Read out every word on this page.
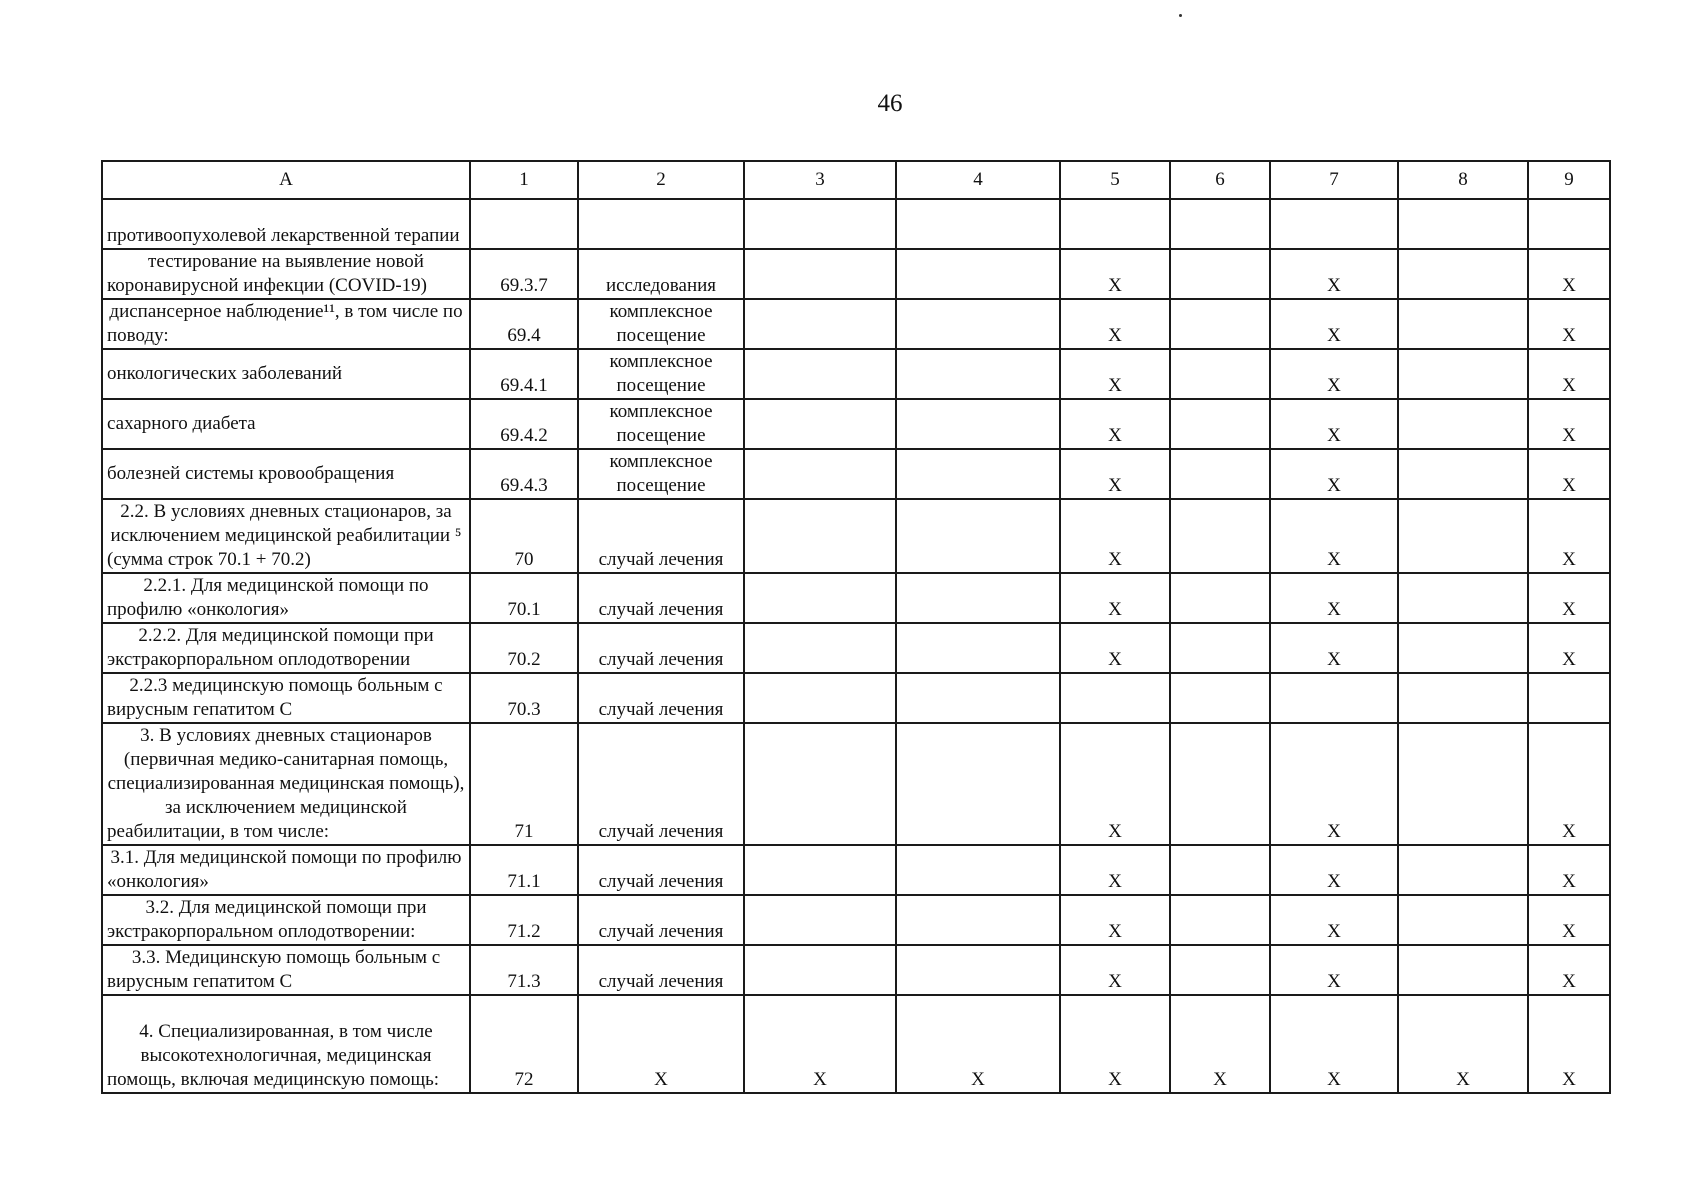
46
А	1	2	3	4	5	6	7	8	9
противоопухолевой лекарственной терапии									
тестирование на выявление новой коронавирусной инфекции (COVID-19)	69.3.7	исследования			X		X		X
диспансерное наблюдение¹¹, в том числе по поводу:	69.4	комплексное посещение			X		X		X
онкологических заболеваний	69.4.1	комплексное посещение			X		X		X
сахарного диабета	69.4.2	комплексное посещение			X		X		X
болезней системы кровообращения	69.4.3	комплексное посещение			X		X		X
2.2. В условиях дневных стационаров, за исключением медицинской реабилитации ⁵ (сумма строк 70.1 + 70.2)	70	случай лечения			X		X		X
2.2.1. Для медицинской помощи по профилю «онкология»	70.1	случай лечения			X		X		X
2.2.2. Для медицинской помощи при экстракорпоральном оплодотворении	70.2	случай лечения			X		X		X
2.2.3 медицинскую помощь больным с вирусным гепатитом С	70.3	случай лечения							
3. В условиях дневных стационаров (первичная медико-санитарная помощь, специализированная медицинская помощь), за исключением медицинской реабилитации, в том числе:	71	случай лечения			X		X		X
3.1. Для медицинской помощи по профилю «онкология»	71.1	случай лечения			X		X		X
3.2. Для медицинской помощи при экстракорпоральном оплодотворении:	71.2	случай лечения			X		X		X
3.3. Медицинскую помощь больным с вирусным гепатитом С	71.3	случай лечения			X		X		X
4. Специализированная, в том числе высокотехнологичная, медицинская помощь, включая медицинскую помощь:	72	X	X	X	X	X	X	X	X
